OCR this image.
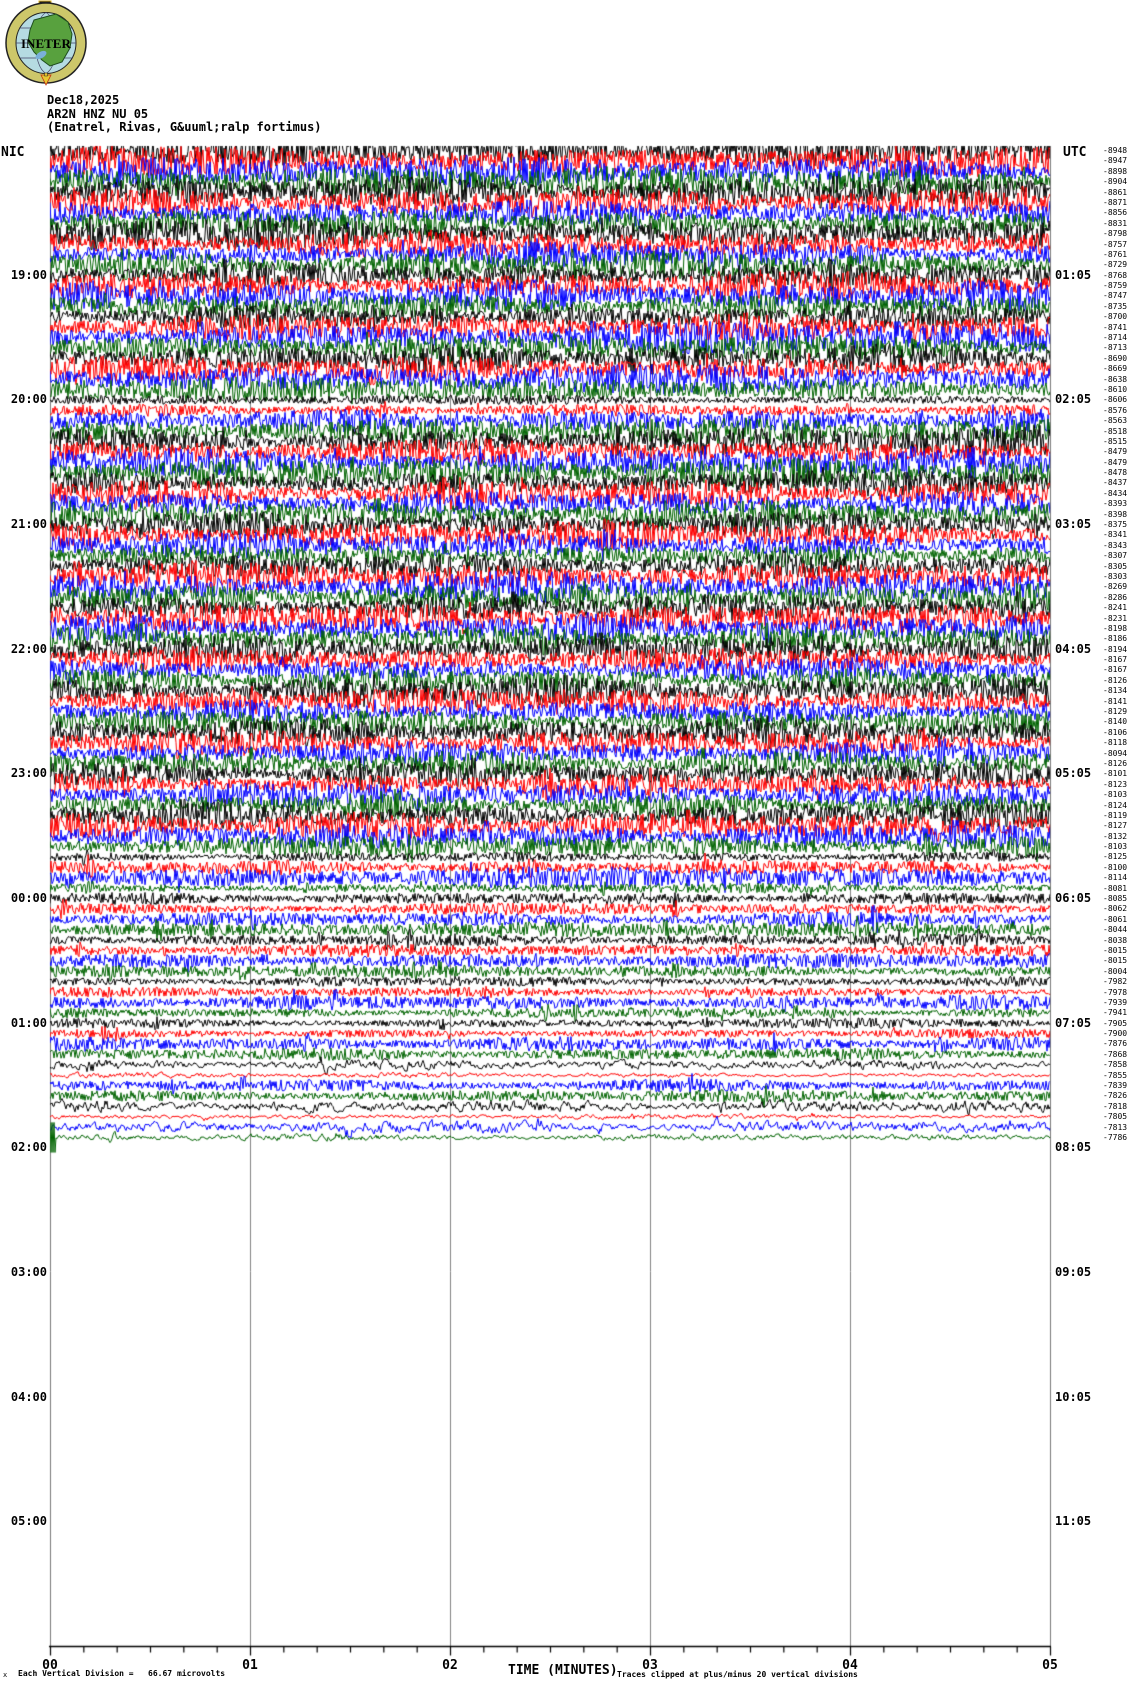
INETER
Dec18,2025
AR2N HNZ NU 05
(Enatrel, Rivas, G&uuml;ralp fortimus)
NIC	UTC
19:00
20:00
21:00
22:00
23:00
00:00
01:00
02:00
03:00
04:00
05:00
01:05
02:05
03:05
04:05
05:05
06:05
07:05
08:05
09:05
10:05
11:05
-8948
-8947
-8898
-8904
-8861
-8871
-8856
-8831
-8798
-8757
-8761
-8729
-8768
-8759
-8747
-8735
-8700
-8741
-8714
-8713
-8690
-8669
-8638
-8610
-8606
-8576
-8563
-8518
-8515
-8479
-8479
-8478
-8437
-8434
-8393
-8398
-8375
-8341
-8343
-8307
-8305
-8303
-8269
-8286
-8241
-8231
-8198
-8186
-8194
-8167
-8167
-8126
-8134
-8141
-8129
-8140
-8106
-8118
-8094
-8126
-8101
-8123
-8103
-8124
-8119
-8127
-8132
-8103
-8125
-8100
-8114
-8081
-8085
-8062
-8061
-8044
-8038
-8015
-8015
-8004
-7982
-7978
-7939
-7941
-7905
-7900
-7876
-7868
-7858
-7855
-7839
-7826
-7818
-7805
-7813
-7786
00	01	02	03	04	05
x Each Vertical Division =   66.67 microvolts	TIME (MINUTES) Traces clipped at plus/minus 20 vertical divisions
